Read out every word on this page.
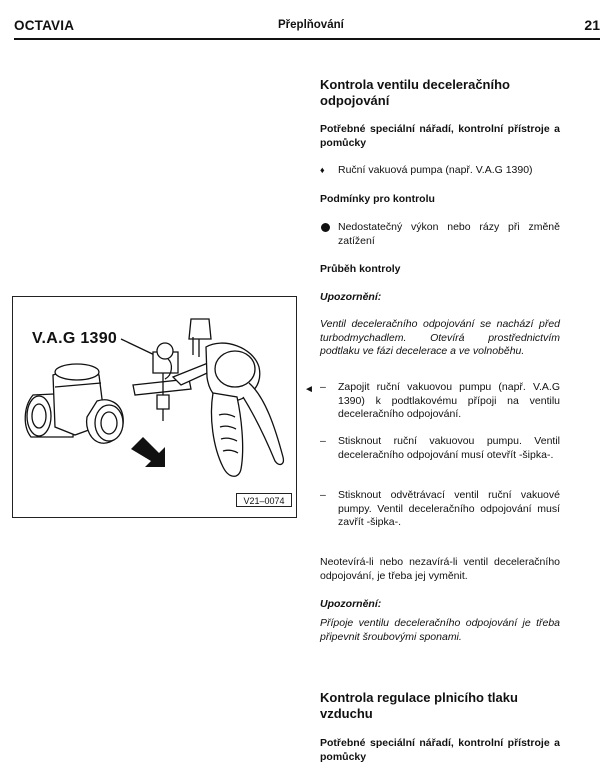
OCTAVIA	Přeplňování	21
V.A.G 1390
V21–0074
Kontrola ventilu deceleračního odpojování
Potřebné speciální nářadí, kontrolní přístroje a pomůcky
♦ Ruční vakuová pumpa (např. V.A.G 1390)
Podmínky pro kontrolu
Nedostatečný výkon nebo rázy při změně zatížení
Průběh kontroly
Upozornění:
Ventil deceleračního odpojování se nachází před turbodmychadlem. Otevírá prostřednictvím podtlaku ve fázi decelerace a ve volnoběhu.
◄ – Zapojit ruční vakuovou pumpu (např. V.A.G 1390) k podtlakovému přípoji na ventilu deceleračního odpojování.
– Stisknout ruční vakuovou pumpu. Ventil deceleračního odpojování musí otevřít -šipka-.
– Stisknout odvětrávací ventil ruční vakuové pumpy. Ventil deceleračního odpojování musí zavřít -šipka-.
Neotevírá-li nebo nezavírá-li ventil deceleračního odpojování, je třeba jej vyměnit.
Upozornění:
Přípoje ventilu deceleračního odpojování je třeba připevnit šroubovými sponami.
Kontrola regulace plnicího tlaku vzduchu
Potřebné speciální nářadí, kontrolní přístroje a pomůcky
